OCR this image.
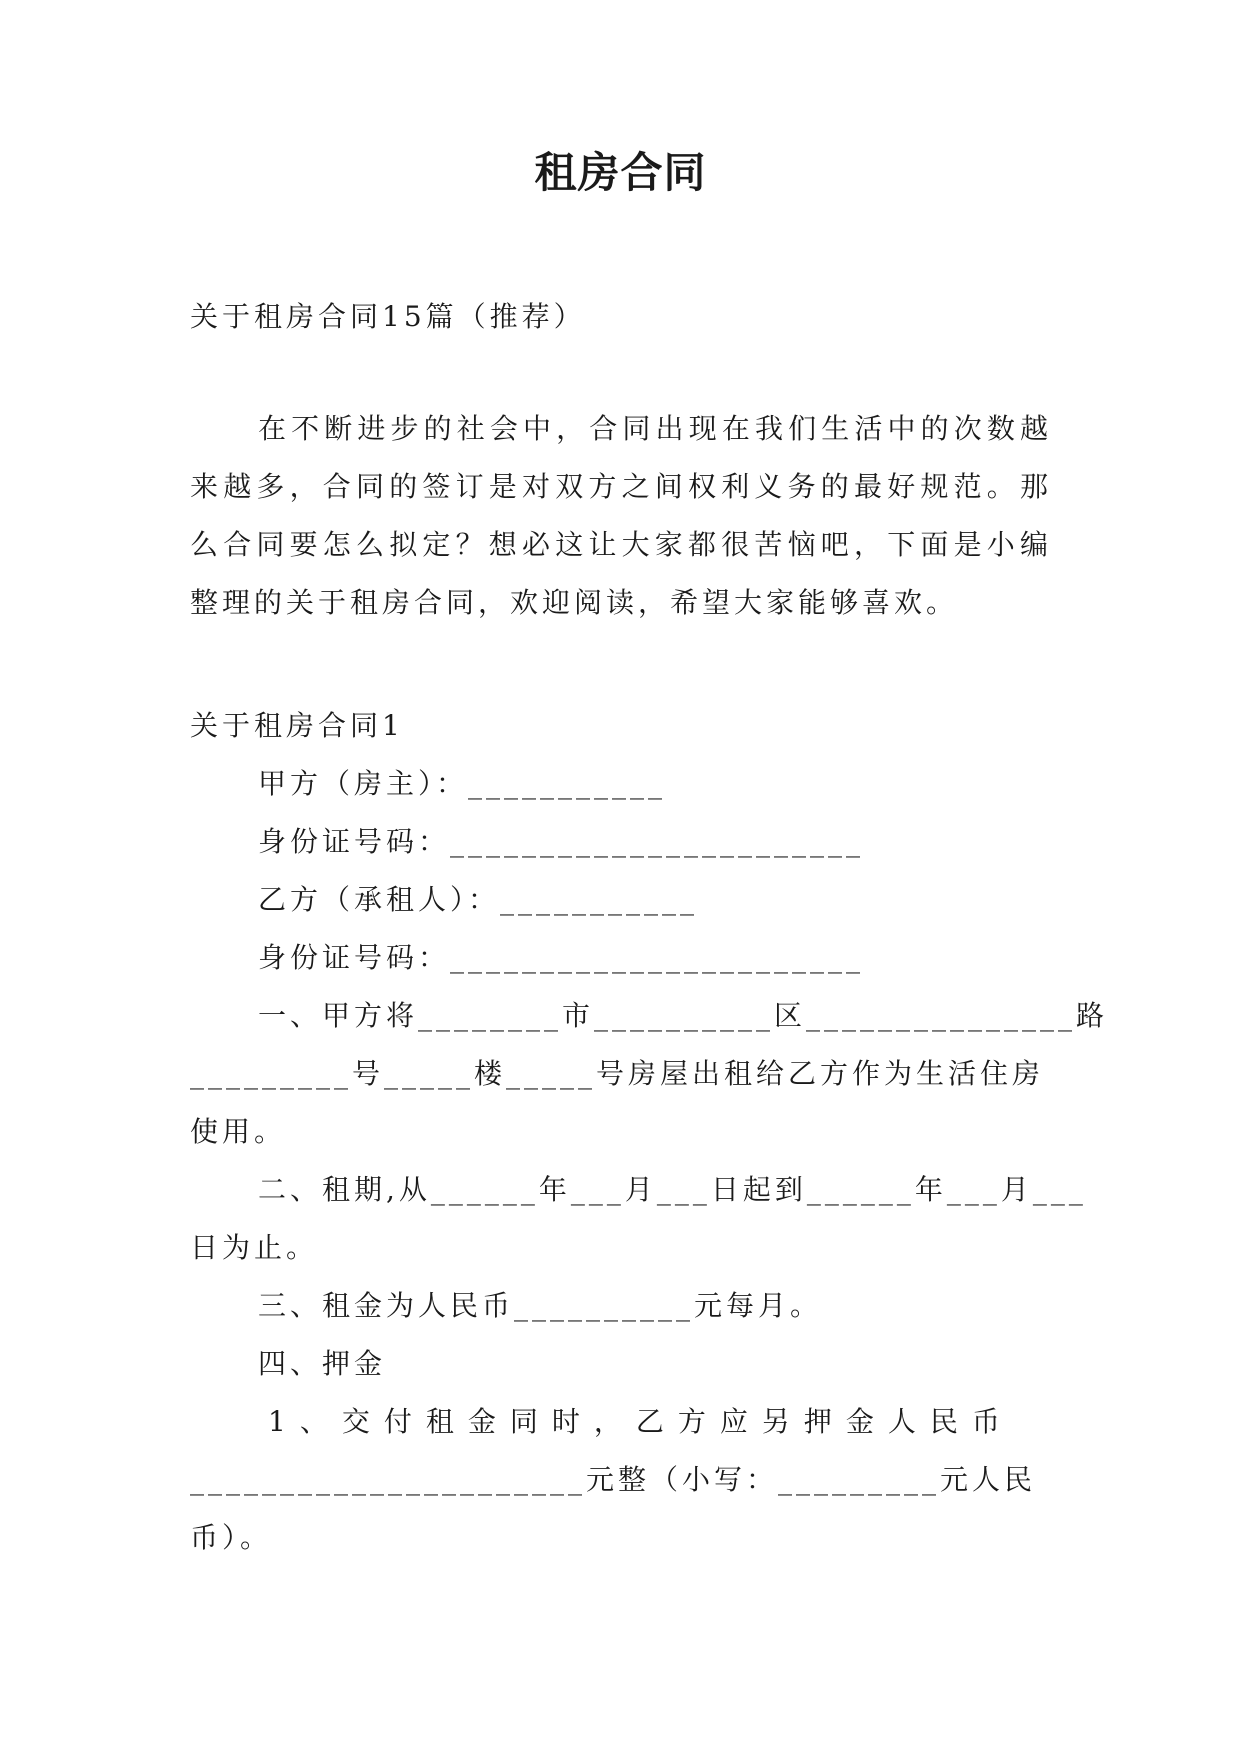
租房合同

关于租房合同15篇（推荐）

在不断进步的社会中，合同出现在我们生活中的次数越来越多，合同的签订是对双方之间权利义务的最好规范。那么合同要怎么拟定？想必这让大家都很苦恼吧，下面是小编整理的关于租房合同，欢迎阅读，希望大家能够喜欢。

关于租房合同1

甲方（房主）：___________

身份证号码：_______________________

乙方（承租人）：___________

身份证号码：_______________________

一、甲方将________市__________区_______________路

_________号_____楼_____号房屋出租给乙方作为生活住房

使用。

二、租期,从______年___月___日起到______年___月___

日为止。

三、租金为人民币__________元每月。

四、押金

1、交付租金同时，乙方应另押金人民币

______________________元整（小写：_________元人民

币）。
